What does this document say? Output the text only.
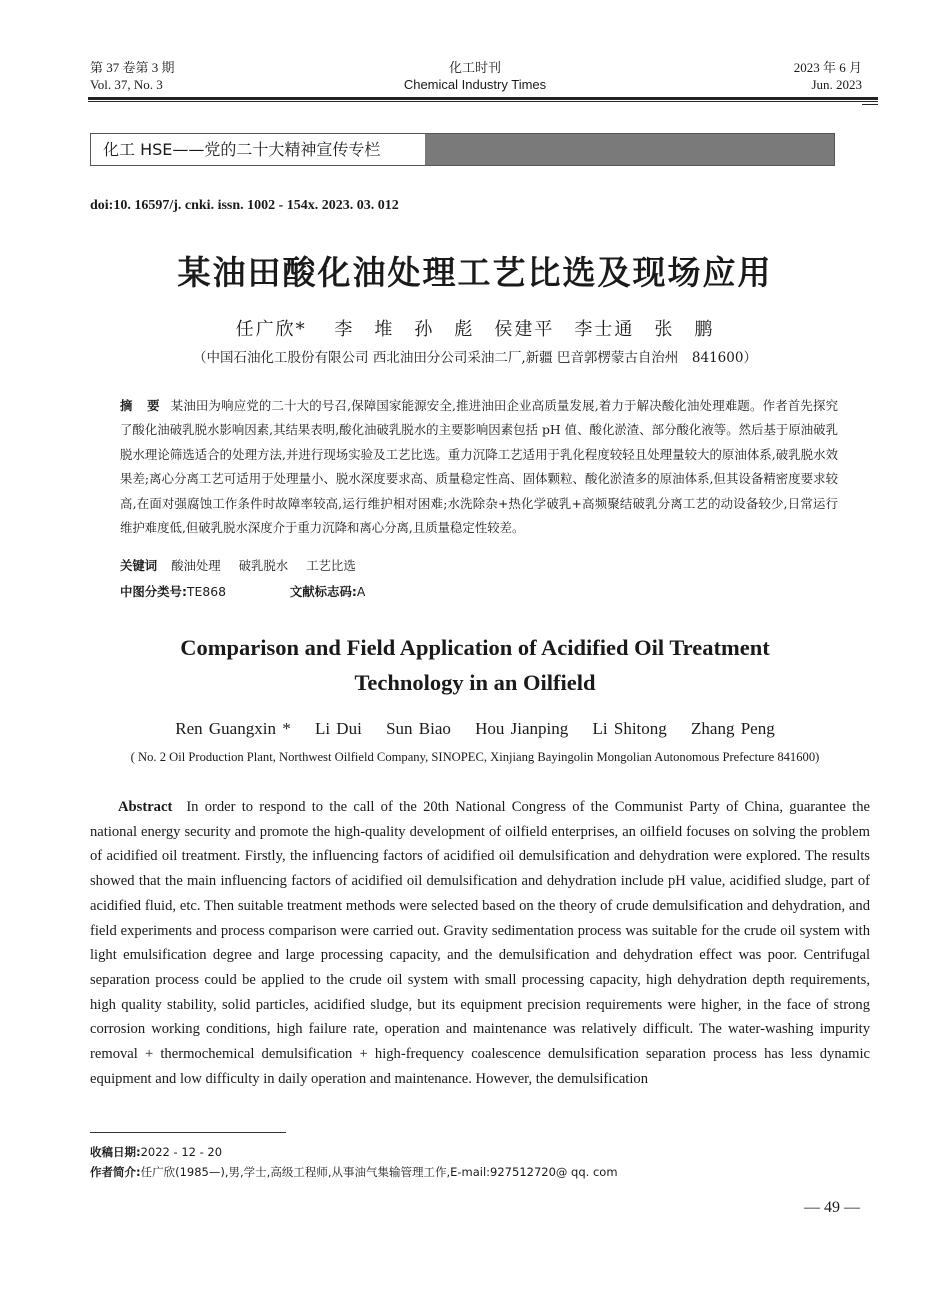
第 37 卷第 3 期
Vol. 37, No. 3
化工时刊
Chemical Industry Times
2023 年 6 月
Jun. 2023
化工 HSE——党的二十大精神宣传专栏
doi:10. 16597/j. cnki. issn. 1002 - 154x. 2023. 03. 012
某油田酸化油处理工艺比选及现场应用
任广欣*　 李　堆　孙　彪　侯建平　李士通　张　鹏
（中国石油化工股份有限公司 西北油田分公司采油二厂,新疆 巴音郭楞蒙古自治州　841600）
摘 要 某油田为响应党的二十大的号召,保障国家能源安全,推进油田企业高质量发展,着力于解决酸化油处理难题。作者首先探究了酸化油破乳脱水影响因素,其结果表明,酸化油破乳脱水的主要影响因素包括 pH 值、酸化淤渣、部分酸化液等。然后基于原油破乳脱水理论筛选适合的处理方法,并进行现场实验及工艺比选。重力沉降工艺适用于乳化程度较轻且处理量较大的原油体系,破乳脱水效果差;离心分离工艺可适用于处理量小、脱水深度要求高、质量稳定性高、固体颗粒、酸化淤渣多的原油体系,但其设备精密度要求较高,在面对强腐蚀工作条件时故障率较高,运行维护相对困难;水洗除杂+热化学破乳+高频聚结破乳分离工艺的动设备较少,日常运行维护难度低,但破乳脱水深度介于重力沉降和离心分离,且质量稳定性较差。
关键词 酸油处理 破乳脱水 工艺比选
中图分类号:TE868	文献标志码:A
Comparison and Field Application of Acidified Oil Treatment
Technology in an Oilfield
Ren Guangxin * Li Dui Sun Biao Hou Jianping Li Shitong Zhang Peng
( No. 2 Oil Production Plant, Northwest Oilfield Company, SINOPEC, Xinjiang Bayingolin Mongolian Autonomous Prefecture 841600)
Abstract In order to respond to the call of the 20th National Congress of the Communist Party of China, guarantee the national energy security and promote the high-quality development of oilfield enterprises, an oilfield focuses on solving the problem of acidified oil treatment. Firstly, the influencing factors of acidified oil demulsification and dehydration were explored. The results showed that the main influencing factors of acidified oil demulsification and dehydration include pH value, acidified sludge, part of acidified fluid, etc. Then suitable treatment methods were selected based on the theory of crude demulsification and dehydration, and field experiments and process comparison were carried out. Gravity sedimentation process was suitable for the crude oil system with light emulsification degree and large processing capacity, and the demulsification and dehydration effect was poor. Centrifugal separation process could be applied to the crude oil system with small processing capacity, high dehydration depth requirements, high quality stability, solid particles, acidified sludge, but its equipment precision requirements were higher, in the face of strong corrosion working conditions, high failure rate, operation and maintenance was relatively difficult. The water-washing impurity removal + thermochemical demulsification + high-frequency coalescence demulsification separation process has less dynamic equipment and low difficulty in daily operation and maintenance. However, the demulsification
收稿日期:2022 - 12 - 20
作者简介:任广欣(1985—),男,学士,高级工程师,从事油气集输管理工作,E-mail:927512720@ qq. com
— 49 —
